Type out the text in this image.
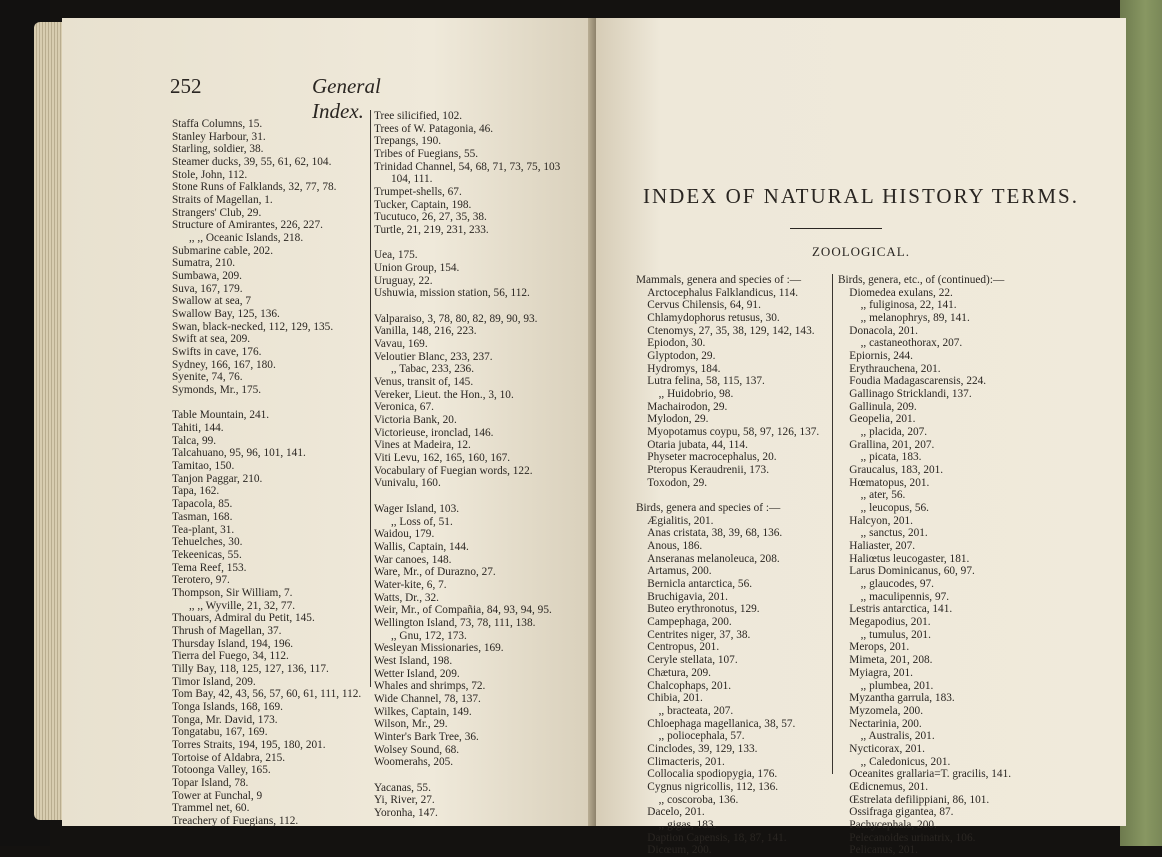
252	General Index.
Staffa Columns, 15.
Stanley Harbour, 31.
Starling, soldier, 38.
Steamer ducks, 39, 55, 61, 62, 104.
Stole, John, 112.
Stone Runs of Falklands, 32, 77, 78.
Straits of Magellan, 1.
Strangers' Club, 29.
Structure of Amirantes, 226, 227.
,, ,, Oceanic Islands, 218.
Submarine cable, 202.
Sumatra, 210.
Sumbawa, 209.
Suva, 167, 179.
Swallow at sea, 7
Swallow Bay, 125, 136.
Swan, black-necked, 112, 129, 135.
Swift at sea, 209.
Swifts in cave, 176.
Sydney, 166, 167, 180.
Syenite, 74, 76.
Symonds, Mr., 175.
Table Mountain, 241.
Tahiti, 144.
Talca, 99.
Talcahuano, 95, 96, 101, 141.
Tamitao, 150.
Tanjon Paggar, 210.
Tapa, 162.
Tapacola, 85.
Tasman, 168.
Tea-plant, 31.
Tehuelches, 30.
Tekeenicas, 55.
Tema Reef, 153.
Terotero, 97.
Thompson, Sir William, 7.
,, ,, Wyville, 21, 32, 77.
Thouars, Admiral du Petit, 145.
Thrush of Magellan, 37.
Thursday Island, 194, 196.
Tierra del Fuego, 34, 112.
Tilly Bay, 118, 125, 127, 136, 117.
Timor Island, 209.
Tom Bay, 42, 43, 56, 57, 60, 61, 111, 112.
Tonga Islands, 168, 169.
Tonga, Mr. David, 173.
Tongatabu, 167, 169.
Torres Straits, 194, 195, 180, 201.
Tortoise of Aldabra, 215.
Totoonga Valley, 165.
Topar Island, 78.
Tower at Funchal, 9
Trammel net, 60.
Treachery of Fuegians, 112.
Tree silicified, 102.
Trees of W. Patagonia, 46.
Trepangs, 190.
Tribes of Fuegians, 55.
Trinidad Channel, 54, 68, 71, 73, 75, 103
104, 111.
Trumpet-shells, 67.
Tucker, Captain, 198.
Tucutuco, 26, 27, 35, 38.
Turtle, 21, 219, 231, 233.
Uea, 175.
Union Group, 154.
Uruguay, 22.
Ushuwia, mission station, 56, 112.
Valparaiso, 3, 78, 80, 82, 89, 90, 93.
Vanilla, 148, 216, 223.
Vavau, 169.
Veloutier Blanc, 233, 237.
,, Tabac, 233, 236.
Venus, transit of, 145.
Vereker, Lieut. the Hon., 3, 10.
Veronica, 67.
Victoria Bank, 20.
Victorieuse, ironclad, 146.
Vines at Madeira, 12.
Viti Levu, 162, 165, 160, 167.
Vocabulary of Fuegian words, 122.
Vunivalu, 160.
Wager Island, 103.
,, Loss of, 51.
Waidou, 179.
Wallis, Captain, 144.
War canoes, 148.
Ware, Mr., of Durazno, 27.
Water-kite, 6, 7.
Watts, Dr., 32.
Weir, Mr., of Compañia, 84, 93, 94, 95.
Wellington Island, 73, 78, 111, 138.
,, Gnu, 172, 173.
Wesleyan Missionaries, 169.
West Island, 198.
Wetter Island, 209.
Whales and shrimps, 72.
Wide Channel, 78, 137.
Wilkes, Captain, 149.
Wilson, Mr., 29.
Winter's Bark Tree, 36.
Wolsey Sound, 68.
Woomerahs, 205.
Yacanas, 55.
Yi, River, 27.
Yoronha, 147.
INDEX OF NATURAL HISTORY TERMS.
ZOOLOGICAL.
Mammals, genera and species of :—
Arctocephalus Falklandicus, 114.
Cervus Chilensis, 64, 91.
Chlamydophorus retusus, 30.
Ctenomys, 27, 35, 38, 129, 142, 143.
Epiodon, 30.
Glyptodon, 29.
Hydromys, 184.
Lutra felina, 58, 115, 137.
,, Huidobrio, 98.
Machairodon, 29.
Mylodon, 29.
Myopotamus coypu, 58, 97, 126, 137.
Otaria jubata, 44, 114.
Physeter macrocephalus, 20.
Pteropus Keraudrenii, 173.
Toxodon, 29.
Birds, genera and species of :—
Ægialitis, 201.
Anas cristata, 38, 39, 68, 136.
Anous, 186.
Anseranas melanoleuca, 208.
Artamus, 200.
Bernicla antarctica, 56.
Bruchigavia, 201.
Buteo erythronotus, 129.
Campephaga, 200.
Centrites niger, 37, 38.
Centropus, 201.
Ceryle stellata, 107.
Chætura, 209.
Chalcophaps, 201.
Chibia, 201.
,, bracteata, 207.
Chloephaga magellanica, 38, 57.
,, poliocephala, 57.
Cinclodes, 39, 129, 133.
Climacteris, 201.
Collocalia spodiopygia, 176.
Cygnus nigricollis, 112, 136.
,, coscoroba, 136.
Dacelo, 201.
,, gigas, 183.
Daption Capensis, 18, 87, 141.
Dicœum, 200.
Birds, genera, etc., of (continued):—
Diomedea exulans, 22.
,, fuliginosa, 22, 141.
,, melanophrys, 89, 141.
Donacola, 201.
,, castaneothorax, 207.
Epiornis, 244.
Erythrauchena, 201.
Foudia Madagascarensis, 224.
Gallinago Stricklandi, 137.
Gallinula, 209.
Geopelia, 201.
,, placida, 207.
Grallina, 201, 207.
,, picata, 183.
Graucalus, 183, 201.
Hœmatopus, 201.
,, ater, 56.
,, leucopus, 56.
Halcyon, 201.
,, sanctus, 201.
Haliaster, 207.
Haliœtus leucogaster, 181.
Larus Dominicanus, 60, 97.
,, glaucodes, 97.
,, maculipennis, 97.
Lestris antarctica, 141.
Megapodius, 201.
,, tumulus, 201.
Merops, 201.
Mimeta, 201, 208.
Myiagra, 201.
,, plumbea, 201.
Myzantha garrula, 183.
Myzomela, 200.
Nectarinia, 200.
,, Australis, 201.
Nycticorax, 201.
,, Caledonicus, 201.
Oceanites grallaria=T. gracilis, 141.
Œdicnemus, 201.
Œstrelata defilippiani, 86, 101.
Ossifraga gigantea, 87.
Pachycephala, 200.
Pelecanoides urinatrix, 106.
Pelicanus, 201.
